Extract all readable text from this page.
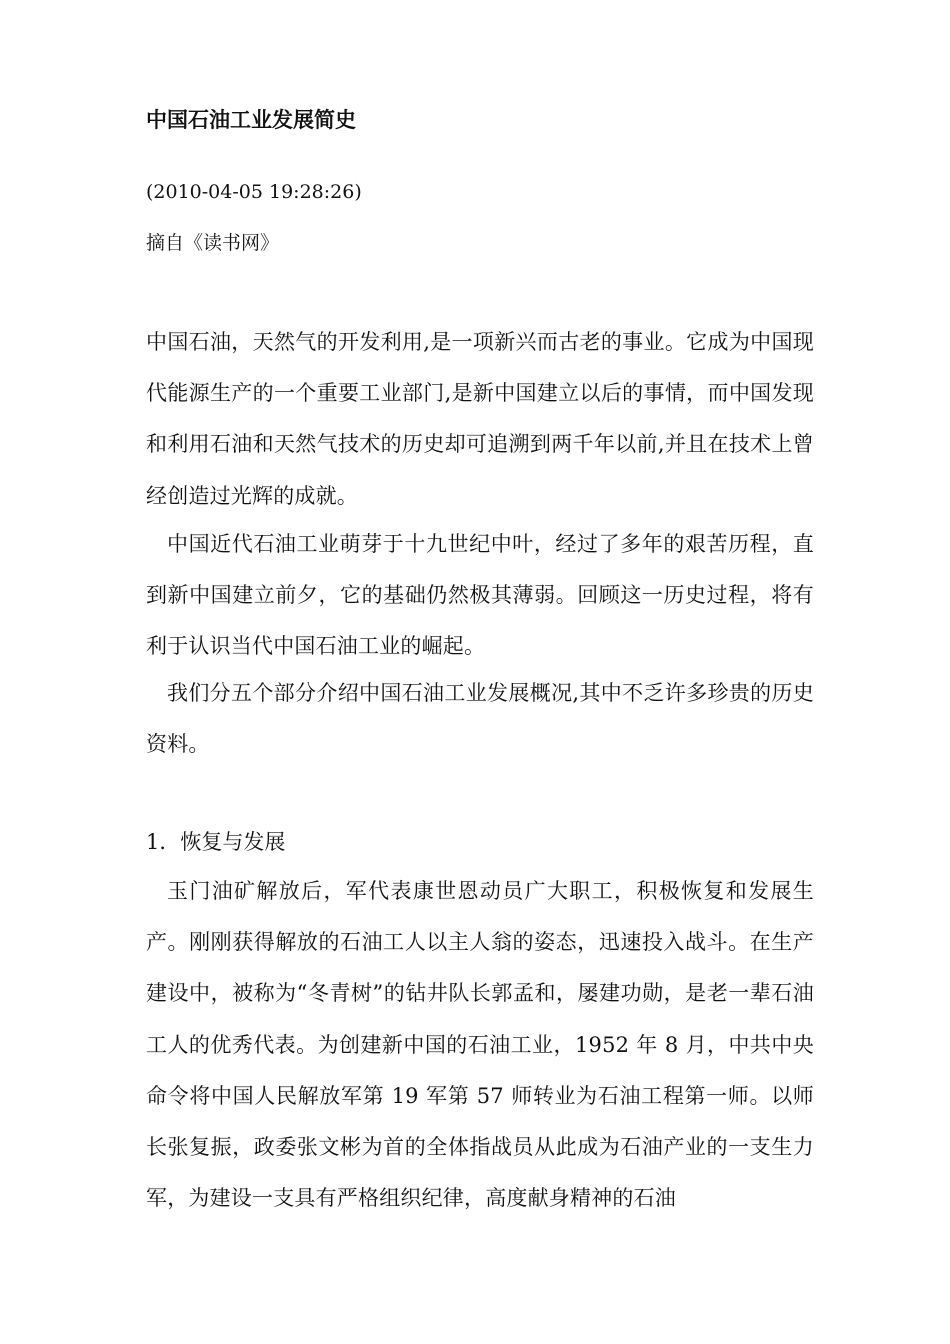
中国石油工业发展简史

(2010-04-05 19:28:26)

摘自《读书网》

中国石油，天然气的开发利用,是一项新兴而古老的事业。它成为中国现代能源生产的一个重要工业部门,是新中国建立以后的事情，而中国发现和利用石油和天然气技术的历史却可追溯到两千年以前,并且在技术上曾经创造过光辉的成就。

中国近代石油工业萌芽于十九世纪中叶，经过了多年的艰苦历程，直到新中国建立前夕，它的基础仍然极其薄弱。回顾这一历史过程，将有利于认识当代中国石油工业的崛起。

我们分五个部分介绍中国石油工业发展概况,其中不乏许多珍贵的历史资料。

1．恢复与发展

玉门油矿解放后，军代表康世恩动员广大职工，积极恢复和发展生产。刚刚获得解放的石油工人以主人翁的姿态，迅速投入战斗。在生产建设中，被称为“冬青树”的钻井队长郭孟和，屡建功勋，是老一辈石油工人的优秀代表。为创建新中国的石油工业，1952 年 8 月，中共中央命令将中国人民解放军第 19 军第 57 师转业为石油工程第一师。以师长张复振，政委张文彬为首的全体指战员从此成为石油产业的一支生力军，为建设一支具有严格组织纪律，高度献身精神的石油
